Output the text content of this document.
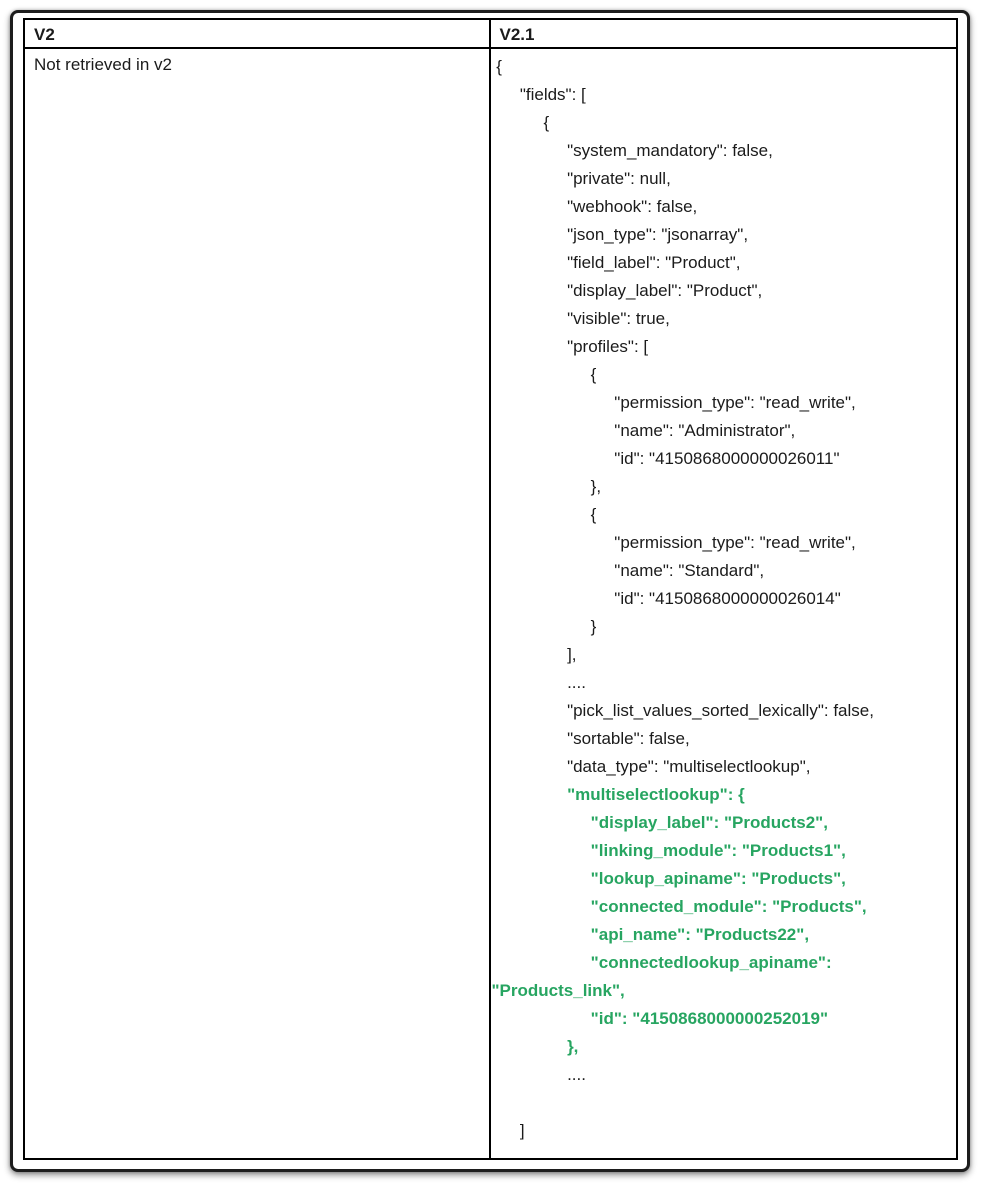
V2	V2.1
Not retrieved in v2	{
"fields": [
{
"system_mandatory": false,
"private": null,
"webhook": false,
"json_type": "jsonarray",
"field_label": "Product",
"display_label": "Product",
"visible": true,
"profiles": [
{
"permission_type": "read_write",
"name": "Administrator",
"id": "4150868000000026011"
},
{
"permission_type": "read_write",
"name": "Standard",
"id": "4150868000000026014"
}
],
....
"pick_list_values_sorted_lexically": false,
"sortable": false,
"data_type": "multiselectlookup",
"multiselectlookup": {
"display_label": "Products2",
"linking_module": "Products1",
"lookup_apiname": "Products",
"connected_module": "Products",
"api_name": "Products22",
"connectedlookup_apiname":
"Products_link",
"id": "4150868000000252019"
},
....
]
